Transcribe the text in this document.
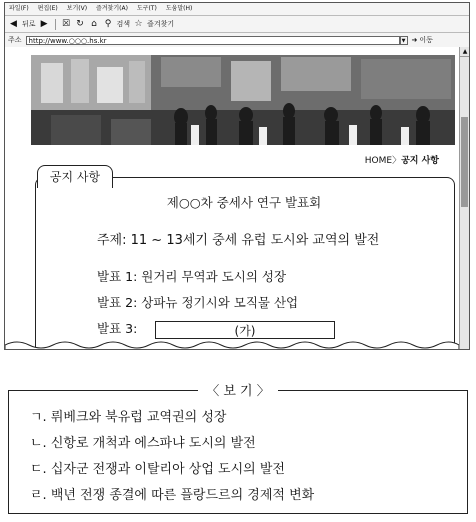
파일(F) 편집(E) 보기(V) 즐겨찾기(A) 도구(T) 도움말(H)
◀ 뒤로 ▶ ☒ ↻ ⌂ ⚲ 검색 ☆ 즐겨찾기
주소	http://www.○○○.hs.kr	▼ ➜ 이동
HOME〉공지 사항
공지 사항
제○○차 중세사 연구 발표회
주제: 11 ~ 13세기 중세 유럽 도시와 교역의 발전
발표 1: 원거리 무역과 도시의 성장
발표 2: 상파뉴 정기시와 모직물 산업
발표 3:	(가)
▲
〈 보 기 〉
ㄱ. 뤼베크와 북유럽 교역권의 성장
ㄴ. 신항로 개척과 에스파냐 도시의 발전
ㄷ. 십자군 전쟁과 이탈리아 상업 도시의 발전
ㄹ. 백년 전쟁 종결에 따른 플랑드르의 경제적 변화
